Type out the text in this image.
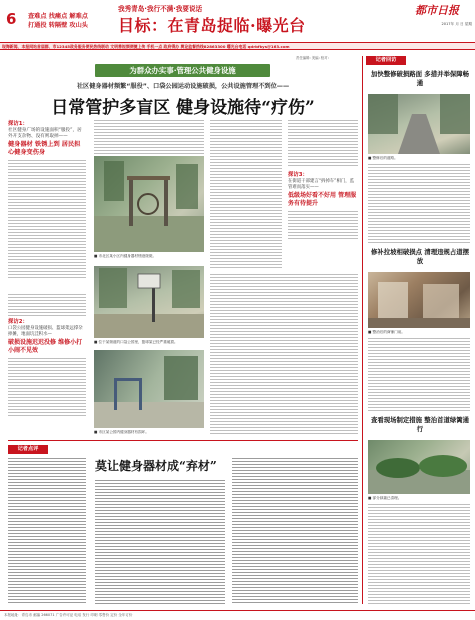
6	查难点 找痛点 解难点
打通投 转隔壁 攻山头
我秀青岛·我行不满·我要说话
目标：在青岛捉临·曝光台
都市日报
2017年 月 日 星期
现海新闻、本报网站首届群、市12345政务服务便民热线联动 文明善视频便捷上传 手机一点 政府得办 舆论监督热线82863300 曝光台电话 qdrbfkys@163.com
责任编辑: 美编: 校对:
为群众办实事·管理公共健身设施
社区健身器材频繁“服役”、口袋公园运动设施破损，公共设施管理不到位——
日常管护多盲区 健身设施待“疗伤”
探访1：
社区健身广场的设施面积“服役”，居外开支杂物、没有则取掉——
健身器材 铁锈上到 居民担心健身变伤身
■ 市北区某小区内健身器材锈迹斑斑。
探访3：
在街道干部建言“拆掉车”相门，监管难而落实——
低级场好看不好用 管理服务有待提升
■ 位于某街道的口袋公园里，篮球架已经严重破损。
■ 市区某公园内健身器材有损坏。
探访2：
口袋公园健身设施破损、篮球架远撑杂掉摊，地面坑洼积水—
破损设施迟迟没修 维修小打小闹不见效
记者点评
莫让健身器材成“弃材”
记者回访
加快整修破损路面 多措并举保障畅通
■ 整修后的道路。
修补拉坡相破损点 清理违规占道摆放
■ 整治后的商铺门前。
查看现场制定措施 整治首道绿篱通行
■ 部分绿篱已清理。
本报地址：青岛市 邮编 266071 广告许可证 电话 发行 印刷 零售价 定价 全年订价
